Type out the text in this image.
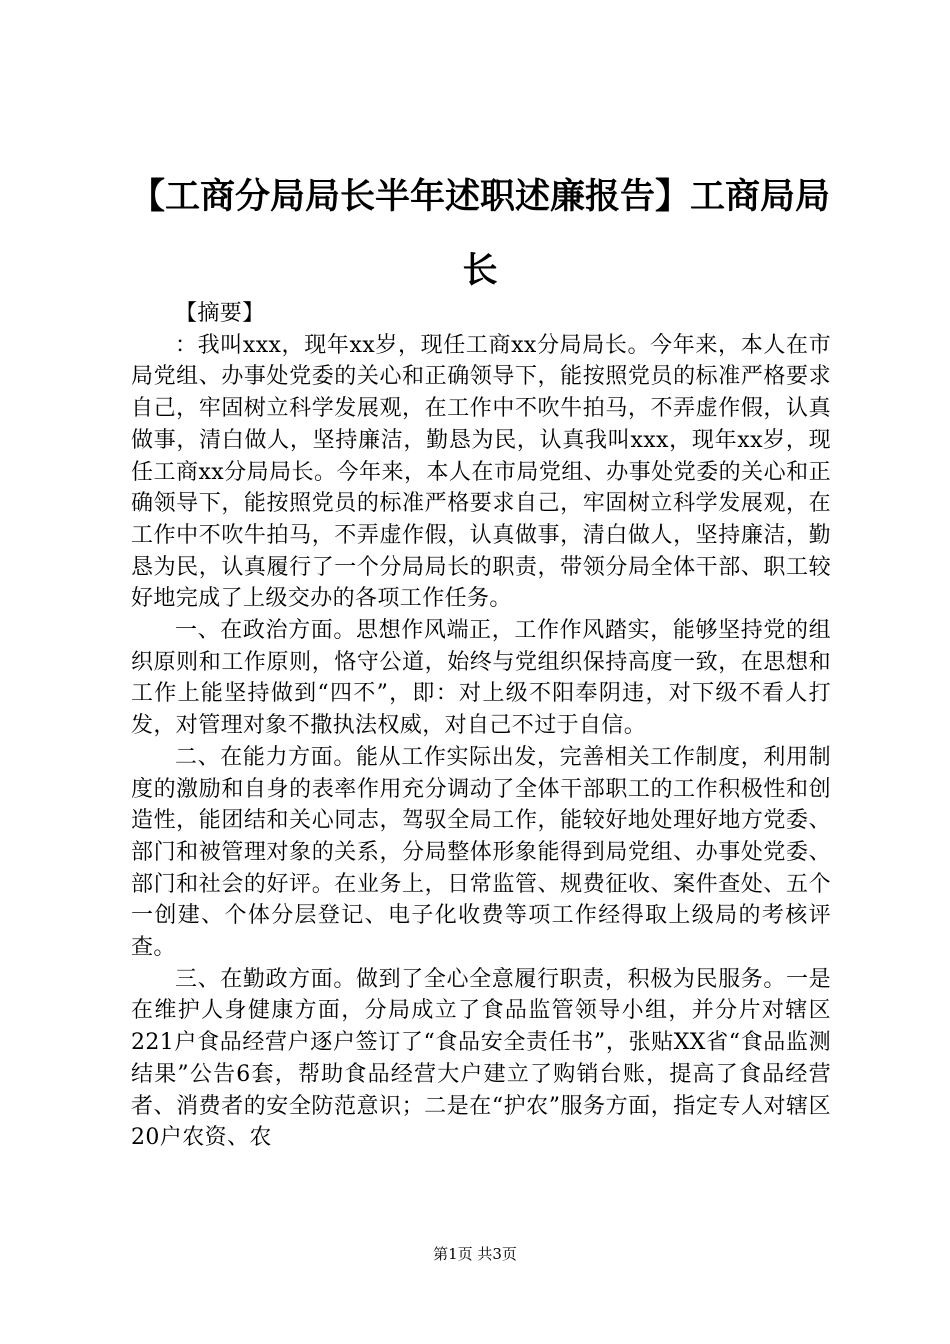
【工商分局局长半年述职述廉报告】工商局局长

【摘要】

：我叫xxx，现年xx岁，现任工商xx分局局长。今年来，本人在市局党组、办事处党委的关心和正确领导下，能按照党员的标准严格要求自己，牢固树立科学发展观，在工作中不吹牛拍马，不弄虚作假，认真做事，清白做人，坚持廉洁，勤恳为民，认真我叫xxx，现年xx岁，现任工商xx分局局长。今年来，本人在市局党组、办事处党委的关心和正确领导下，能按照党员的标准严格要求自己，牢固树立科学发展观，在工作中不吹牛拍马，不弄虚作假，认真做事，清白做人，坚持廉洁，勤恳为民，认真履行了一个分局局长的职责，带领分局全体干部、职工较好地完成了上级交办的各项工作任务。

一、在政治方面。思想作风端正，工作作风踏实，能够坚持党的组织原则和工作原则，恪守公道，始终与党组织保持高度一致，在思想和工作上能坚持做到“四不”，即：对上级不阳奉阴违，对下级不看人打发，对管理对象不撒执法权威，对自己不过于自信。

二、在能力方面。能从工作实际出发，完善相关工作制度，利用制度的激励和自身的表率作用充分调动了全体干部职工的工作积极性和创造性，能团结和关心同志，驾驭全局工作，能较好地处理好地方党委、部门和被管理对象的关系，分局整体形象能得到局党组、办事处党委、部门和社会的好评。在业务上，日常监管、规费征收、案件查处、五个一创建、个体分层登记、电子化收费等项工作经得取上级局的考核评查。

三、在勤政方面。做到了全心全意履行职责，积极为民服务。一是在维护人身健康方面，分局成立了食品监管领导小组，并分片对辖区221户食品经营户逐户签订了“食品安全责任书”，张贴XX省“食品监测结果”公告6套，帮助食品经营大户建立了购销台账，提高了食品经营者、消费者的安全防范意识；二是在“护农”服务方面，指定专人对辖区20户农资、农

第1页 共3页
